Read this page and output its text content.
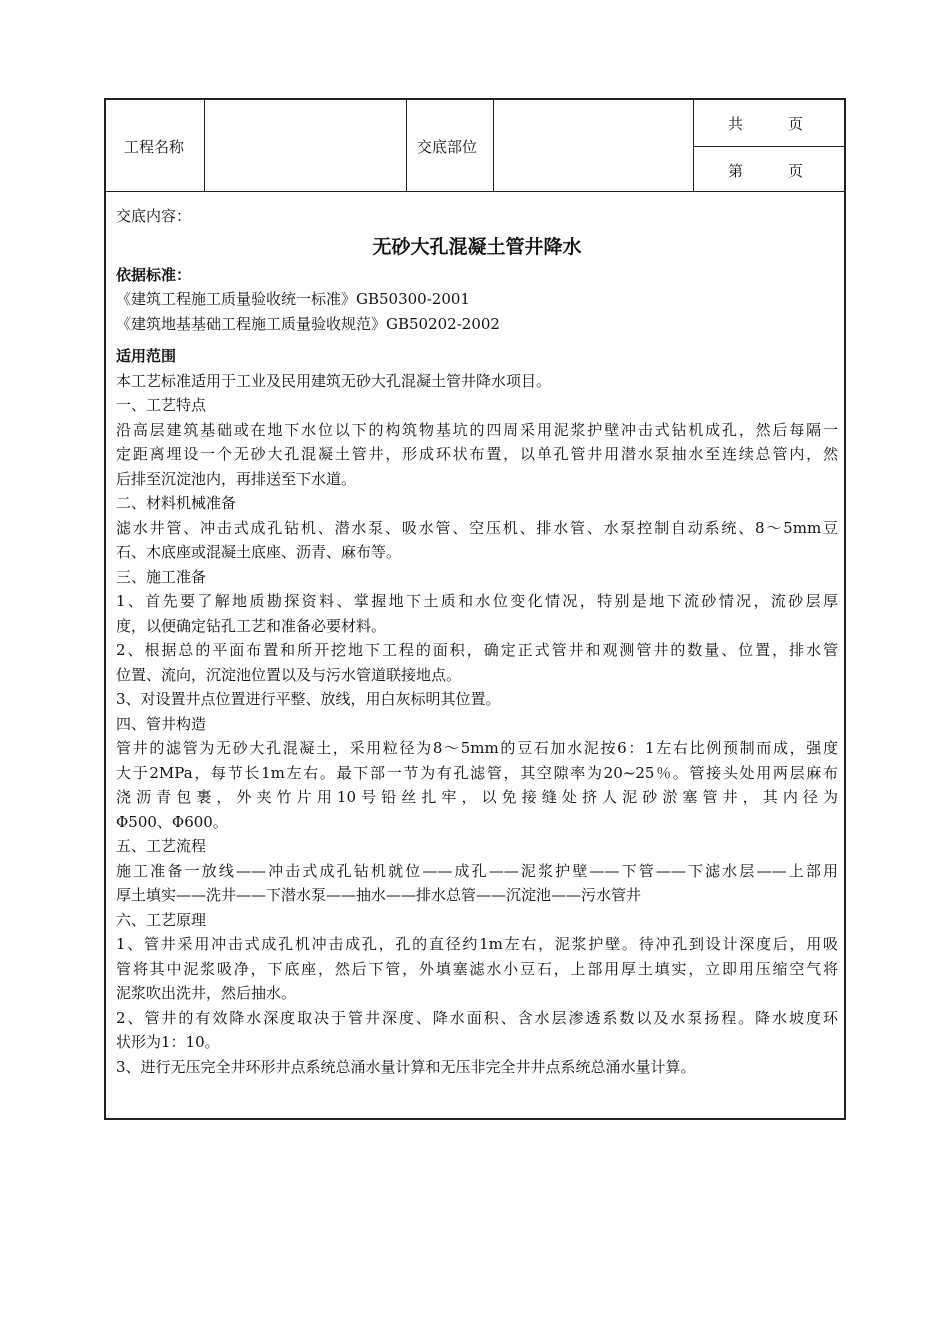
工程名称	交底部位
共   页
第   页
交底内容：
无砂大孔混凝土管井降水
依据标准：
《建筑工程施工质量验收统一标准》GB50300-2001
《建筑地基基础工程施工质量验收规范》GB50202-2002
适用范围
本工艺标准适用于工业及民用建筑无砂大孔混凝土管井降水项目。
一、工艺特点
沿高层建筑基础或在地下水位以下的构筑物基坑的四周采用泥浆护壁冲击式钻机成孔，然后每隔一
定距离埋设一个无砂大孔混凝土管井，形成环状布置，以单孔管井用潜水泵抽水至连续总管内，然
后排至沉淀池内，再排送至下水道。
二、材料机械准备
滤水井管、冲击式成孔钻机、潜水泵、吸水管、空压机、排水管、水泵控制自动系统、8～5mm豆
石、木底座或混凝土底座、沥青、麻布等。
三、施工准备
1、首先要了解地质勘探资料、掌握地下土质和水位变化情况，特别是地下流砂情况，流砂层厚
度，以便确定钻孔工艺和准备必要材料。
2、根据总的平面布置和所开挖地下工程的面积，确定正式管井和观测管井的数量、位置，排水管
位置、流向，沉淀池位置以及与污水管道联接地点。
3、对设置井点位置进行平整、放线，用白灰标明其位置。
四、管井构造
管井的滤管为无砂大孔混凝土，采用粒径为8～5mm的豆石加水泥按6：1左右比例预制而成，强度
大于2MPa，每节长1m左右。最下部一节为有孔滤管，其空隙率为20~25％。管接头处用两层麻布
浇沥青包裹，外夹竹片用10号铅丝扎牢，以免接缝处挤人泥砂淤塞管井，其内径为
Φ500、Φ600。
五、工艺流程
施工准备一放线——冲击式成孔钻机就位——成孔——泥浆护壁——下管——下滤水层——上部用
厚土填实——洗井——下潜水泵——抽水——排水总管——沉淀池——污水管井
六、工艺原理
1、管井采用冲击式成孔机冲击成孔，孔的直径约1m左右，泥浆护壁。待冲孔到设计深度后，用吸
管将其中泥浆吸净，下底座，然后下管，外填塞滤水小豆石，上部用厚土填实，立即用压缩空气将
泥浆吹出洗井，然后抽水。
2、管井的有效降水深度取决于管井深度、降水面积、含水层渗透系数以及水泵扬程。降水坡度环
状形为1：10。
3、进行无压完全井环形井点系统总涌水量计算和无压非完全井井点系统总涌水量计算。
